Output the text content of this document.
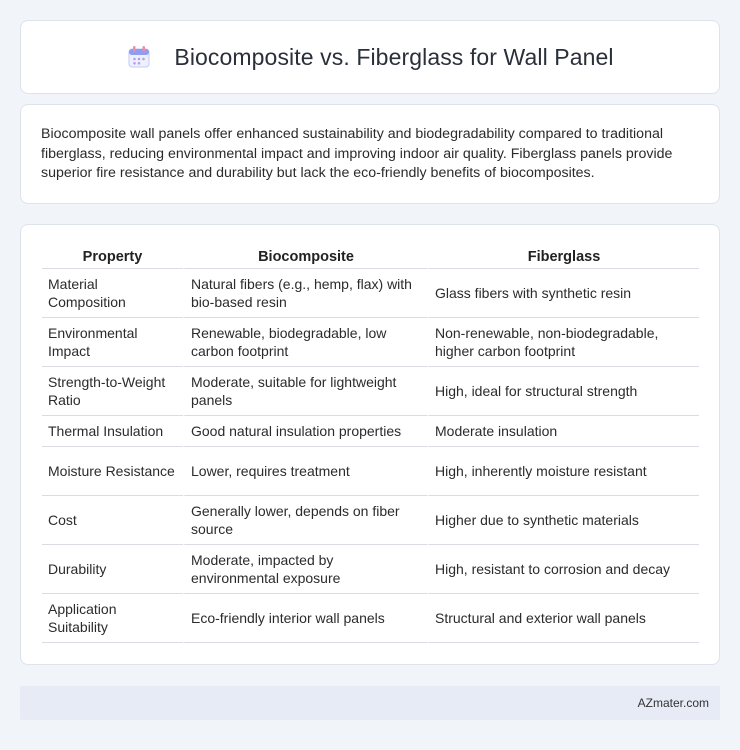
Biocomposite vs. Fiberglass for Wall Panel

Biocomposite wall panels offer enhanced sustainability and biodegradability compared to traditional fiberglass, reducing environmental impact and improving indoor air quality. Fiberglass panels provide superior fire resistance and durability but lack the eco-friendly benefits of biocomposites.

Property	Biocomposite	Fiberglass
Material Composition	Natural fibers (e.g., hemp, flax) with bio-based resin	Glass fibers with synthetic resin
Environmental Impact	Renewable, biodegradable, low carbon footprint	Non-renewable, non-biodegradable, higher carbon footprint
Strength-to-Weight Ratio	Moderate, suitable for lightweight panels	High, ideal for structural strength
Thermal Insulation	Good natural insulation properties	Moderate insulation
Moisture Resistance	Lower, requires treatment	High, inherently moisture resistant
Cost	Generally lower, depends on fiber source	Higher due to synthetic materials
Durability	Moderate, impacted by environmental exposure	High, resistant to corrosion and decay
Application Suitability	Eco-friendly interior wall panels	Structural and exterior wall panels
AZmater.com
